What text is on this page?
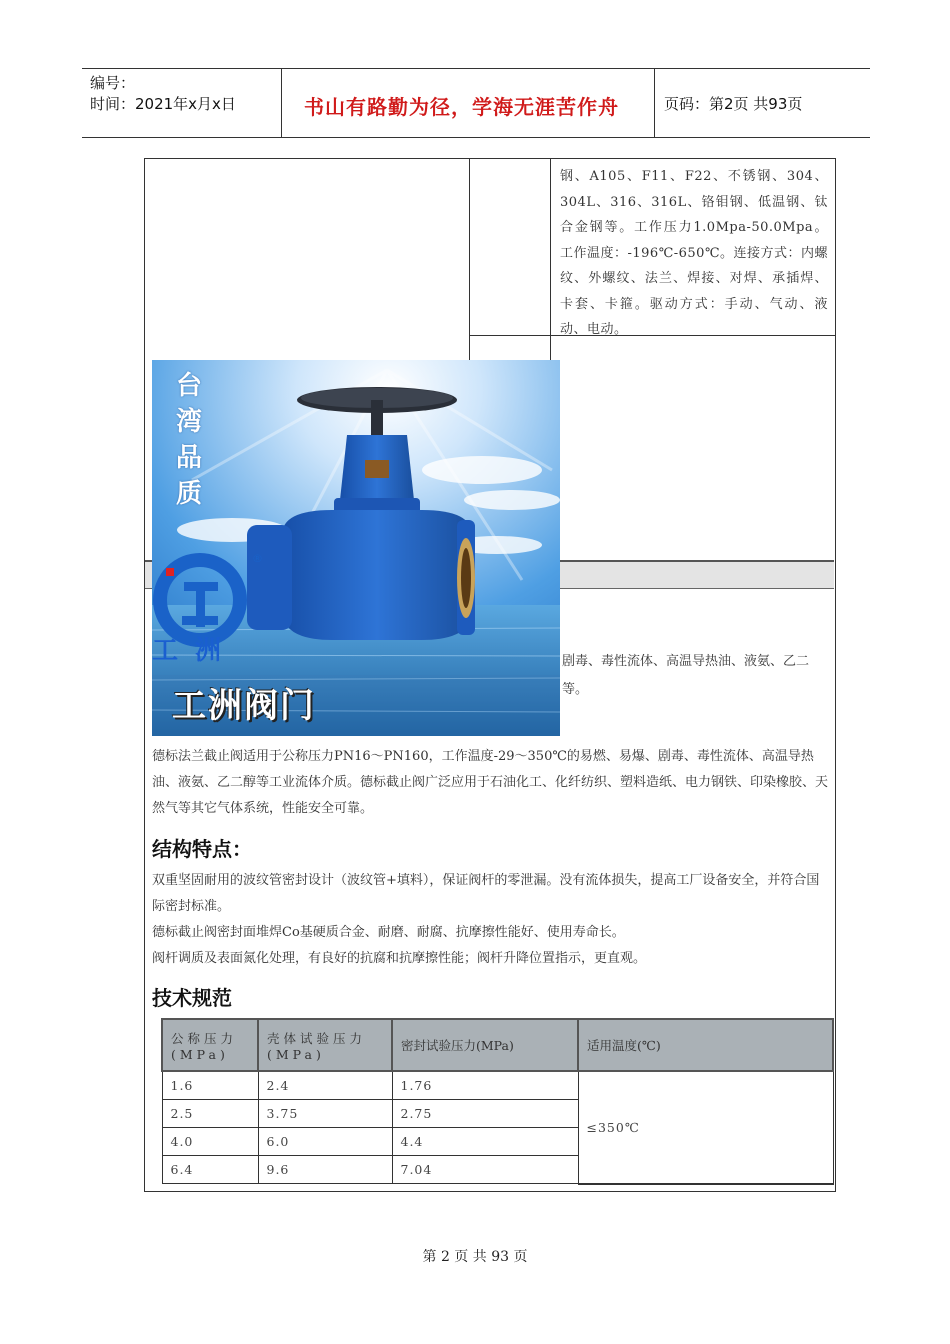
编号：
时间：2021年x月x日	书山有路勤为径，学海无涯苦作舟	页码：第2页 共93页
钢、A105、F11、F22、不锈钢、304、304L、316、316L、铬钼钢、低温钢、钛合金钢等。工作压力1.0Mpa-50.0Mpa。工作温度：-196℃-650℃。连接方式：内螺纹、外螺纹、法兰、焊接、对焊、承插焊、卡套、卡箍。驱动方式：手动、气动、液动、电动。
剧毒、毒性流体、高温导热油、液氨、乙二
等。
台
湾
品
质
®
工 洲
工洲阀门
德标法兰截止阀适用于公称压力PN16～PN160，工作温度-29～350℃的易燃、易爆、剧毒、毒性流体、高温导热油、液氨、乙二醇等工业流体介质。德标截止阀广泛应用于石油化工、化纤纺织、塑料造纸、电力钢铁、印染橡胶、天然气等其它气体系统，性能安全可靠。
结构特点：
双重坚固耐用的波纹管密封设计（波纹管+填料），保证阀杆的零泄漏。没有流体损失，提高工厂设备安全，并符合国际密封标准。
德标截止阀密封面堆焊Co基硬质合金、耐磨、耐腐、抗摩擦性能好、使用寿命长。
阀杆调质及表面氮化处理，有良好的抗腐和抗摩擦性能；阀杆升降位置指示，更直观。
技术规范
公称压力(MPa)	壳体试验压力(MPa)	密封试验压力(MPa)	适用温度(℃)
1.6	2.4	1.76	≤350℃
2.5	3.75	2.75	
4.0	6.0	4.4	
6.4	9.6	7.04	
第 2 页 共 93 页
